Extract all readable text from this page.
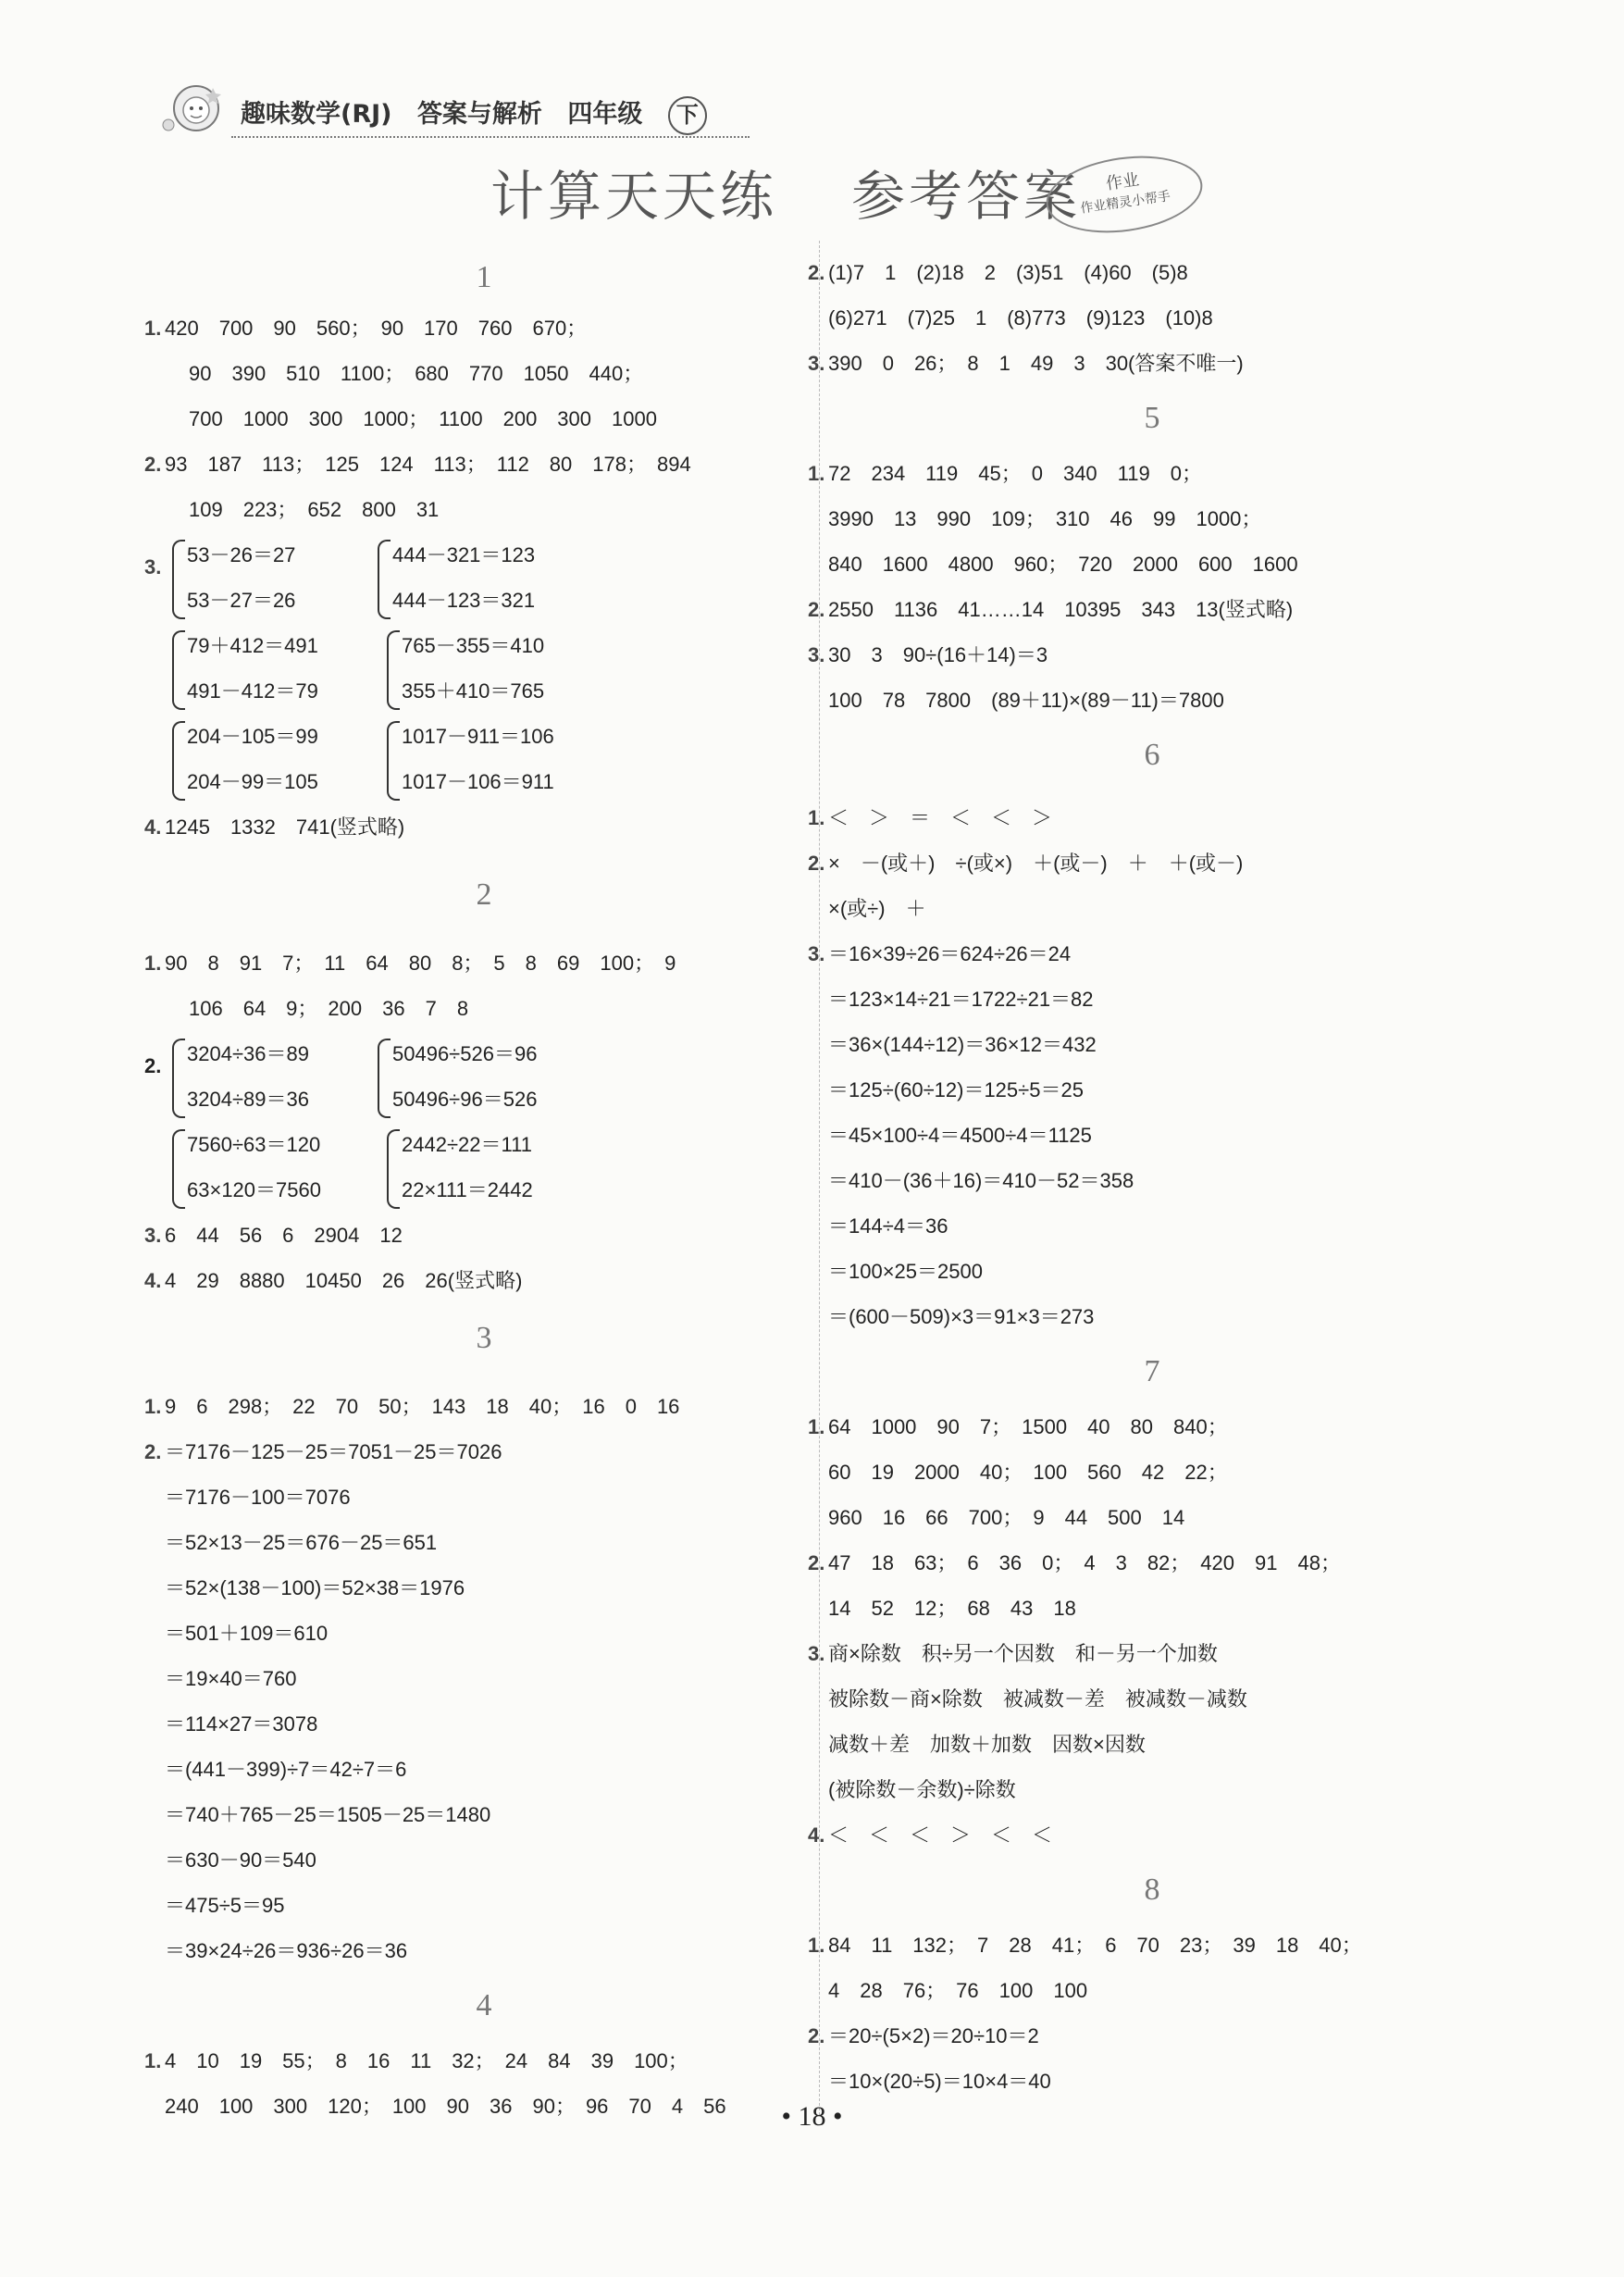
趣味数学(RJ) 答案与解析 四年级 下
计算天天练 参考答案	作业
作业精灵小帮手
1
1. 420　700　90　560；　90　170　760　670；
90　390　510　1100；　680　770　1050　440；
700　1000　300　1000；　1100　200　300　1000
2. 93　187　113；　125　124　113；　112　80　178；　894
109　223；　652　800　31
3.
53－26＝27
53－27＝26
444－321＝123
444－123＝321
79＋412＝491
491－412＝79
765－355＝410
355＋410＝765
204－105＝99
204－99＝105
1017－911＝106
1017－106＝911
4. 1245　1332　741(竖式略)
2
1. 90　8　91　7；　11　64　80　8；　5　8　69　100；　9
106　64　9；　200　36　7　8
2.
3204÷36＝89
3204÷89＝36
50496÷526＝96
50496÷96＝526
7560÷63＝120
63×120＝7560
2442÷22＝111
22×111＝2442
3. 6　44　56　6　2904　12
4. 4　29　8880　10450　26　26(竖式略)
3
1. 9　6　298；　22　70　50；　143　18　40；　16　0　16
2. ＝7176－125－25＝7051－25＝7026
＝7176－100＝7076
＝52×13－25＝676－25＝651
＝52×(138－100)＝52×38＝1976
＝501＋109＝610
＝19×40＝760
＝114×27＝3078
＝(441－399)÷7＝42÷7＝6
＝740＋765－25＝1505－25＝1480
＝630－90＝540
＝475÷5＝95
＝39×24÷26＝936÷26＝36
4
1. 4　10　19　55；　8　16　11　32；　24　84　39　100；
240　100　300　120；　100　90　36　90；　96　70　4　56
2. (1)7　1　(2)18　2　(3)51　(4)60　(5)8
(6)271　(7)25　1　(8)773　(9)123　(10)8
3. 390　0　26；　8　1　49　3　30(答案不唯一)
5
1. 72　234　119　45；　0　340　119　0；
3990　13　990　109；　310　46　99　1000；
840　1600　4800　960；　720　2000　600　1600
2. 2550　1136　41……14　10395　343　13(竖式略)
3. 30　3　90÷(16＋14)＝3
100　78　7800　(89＋11)×(89－11)＝7800
6
1. ＜　＞　＝　＜　＜　＞
2. ×　－(或＋)　÷(或×)　＋(或－)　＋　＋(或－)
×(或÷)　＋
3. ＝16×39÷26＝624÷26＝24
＝123×14÷21＝1722÷21＝82
＝36×(144÷12)＝36×12＝432
＝125÷(60÷12)＝125÷5＝25
＝45×100÷4＝4500÷4＝1125
＝410－(36＋16)＝410－52＝358
＝144÷4＝36
＝100×25＝2500
＝(600－509)×3＝91×3＝273
7
1. 64　1000　90　7；　1500　40　80　840；
60　19　2000　40；　100　560　42　22；
960　16　66　700；　9　44　500　14
2. 47　18　63；　6　36　0；　4　3　82；　420　91　48；
14　52　12；　68　43　18
3. 商×除数　积÷另一个因数　和－另一个加数
被除数－商×除数　被减数－差　被减数－减数
减数＋差　加数＋加数　因数×因数
(被除数－余数)÷除数
4. ＜　＜　＜　＞　＜　＜
8
1. 84　11　132；　7　28　41；　6　70　23；　39　18　40；
4　28　76；　76　100　100
2. ＝20÷(5×2)＝20÷10＝2
＝10×(20÷5)＝10×4＝40
• 18 •
